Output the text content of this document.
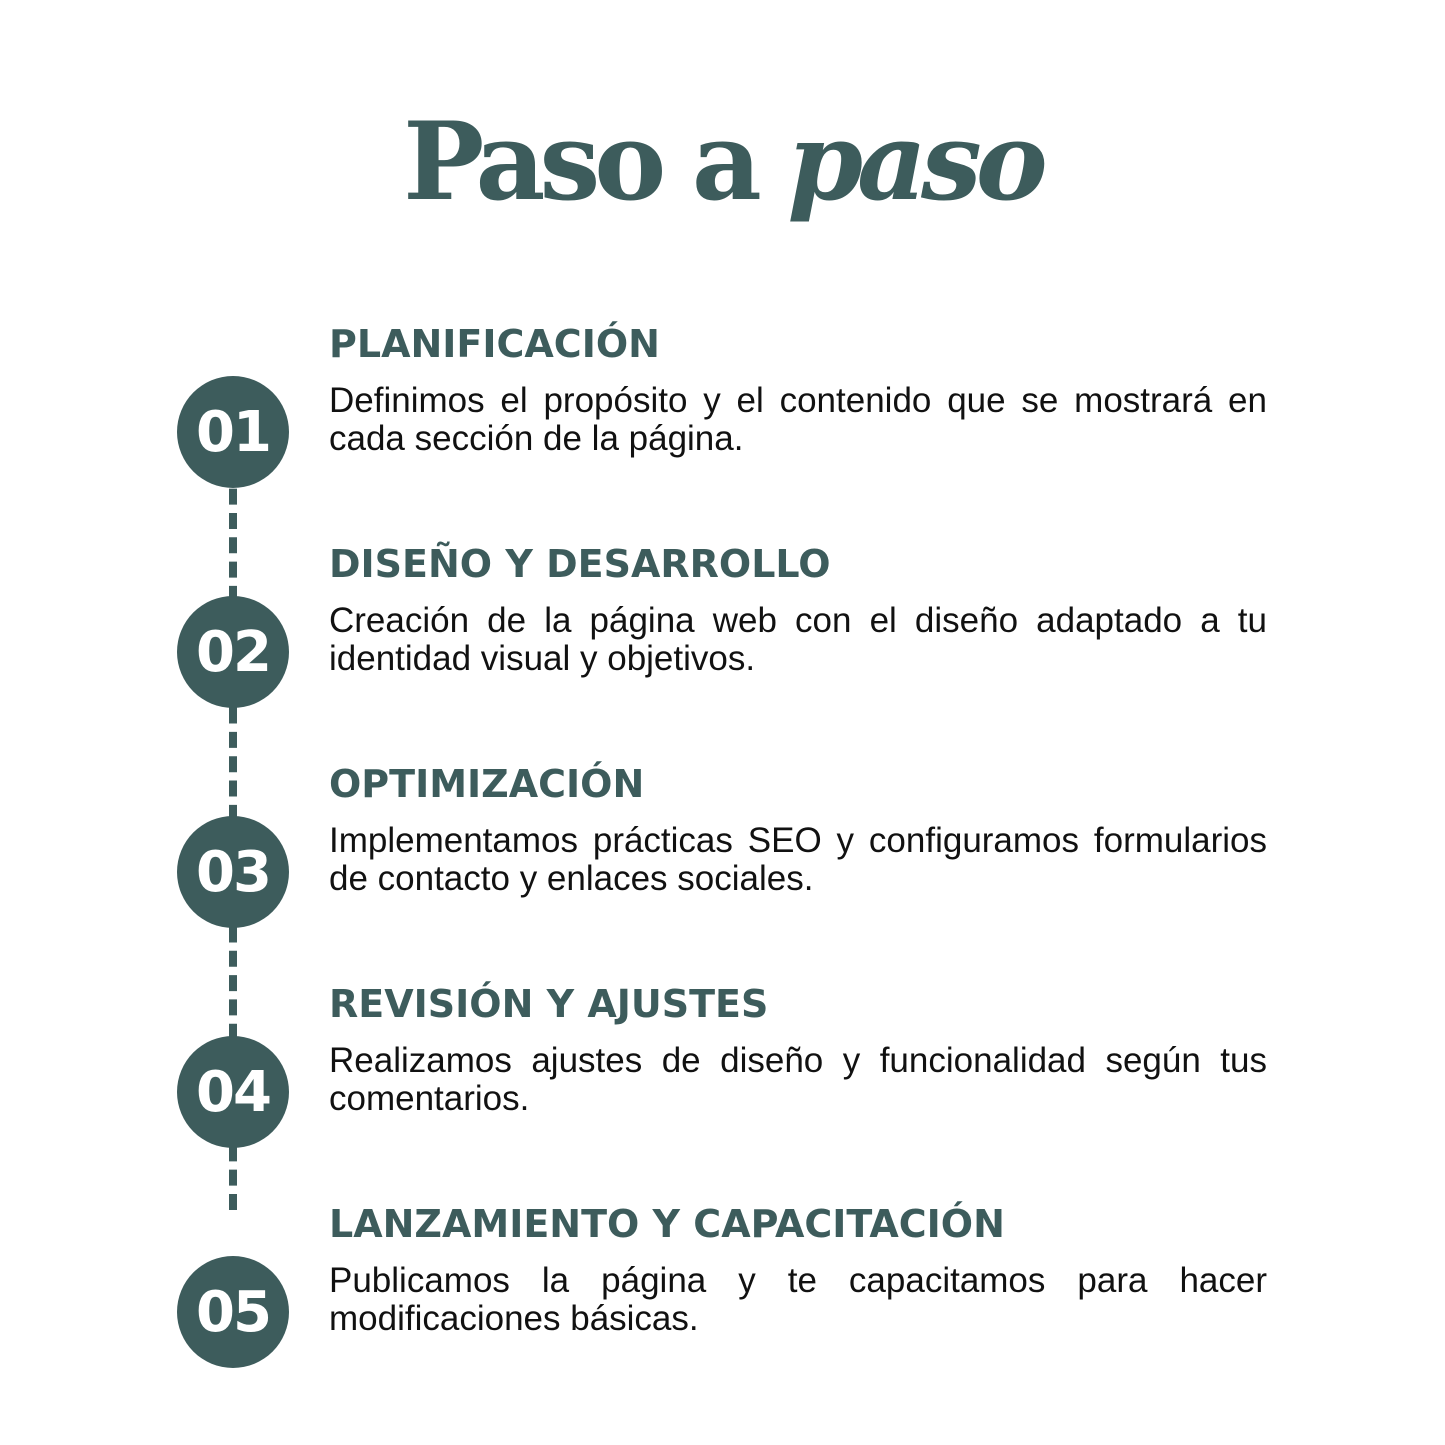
Paso a paso
01
PLANIFICACIÓN
Definimos el propósito y el contenido que se mostrará en cada sección de la página.
02
DISEÑO Y DESARROLLO
Creación de la página web con el diseño adaptado a tu identidad visual y objetivos.
03
OPTIMIZACIÓN
Implementamos prácticas SEO y configuramos formularios de contacto y enlaces sociales.
04
REVISIÓN Y AJUSTES
Realizamos ajustes de diseño y funcionalidad según tus comentarios.
05
LANZAMIENTO Y CAPACITACIÓN
Publicamos la página y te capacitamos para hacer modificaciones básicas.
